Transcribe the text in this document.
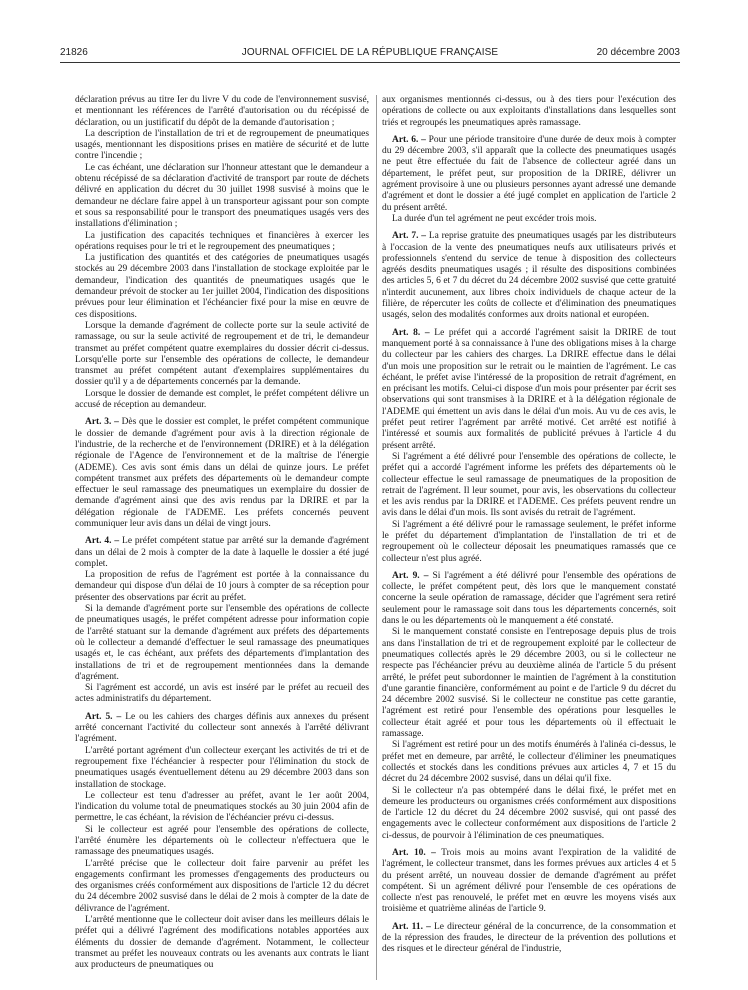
21826	JOURNAL OFFICIEL DE LA RÉPUBLIQUE FRANÇAISE	20 décembre 2003

déclaration prévus au titre Ier du livre V du code de l'environnement susvisé, et mentionnant les références de l'arrêté d'autorisation ou du récépissé de déclaration, ou un justificatif du dépôt de la demande d'autorisation ;

La description de l'installation de tri et de regroupement de pneumatiques usagés, mentionnant les dispositions prises en matière de sécurité et de lutte contre l'incendie ;

Le cas échéant, une déclaration sur l'honneur attestant que le demandeur a obtenu récépissé de sa déclaration d'activité de transport par route de déchets délivré en application du décret du 30 juillet 1998 susvisé à moins que le demandeur ne déclare faire appel à un transporteur agissant pour son compte et sous sa responsabilité pour le transport des pneumatiques usagés vers des installations d'élimination ;

La justification des capacités techniques et financières à exercer les opérations requises pour le tri et le regroupement des pneumatiques ;

La justification des quantités et des catégories de pneumatiques usagés stockés au 29 décembre 2003 dans l'installation de stockage exploitée par le demandeur, l'indication des quantités de pneumatiques usagés que le demandeur prévoit de stocker au 1er juillet 2004, l'indication des dispositions prévues pour leur élimination et l'échéancier fixé pour la mise en œuvre de ces dispositions.

Lorsque la demande d'agrément de collecte porte sur la seule activité de ramassage, ou sur la seule activité de regroupement et de tri, le demandeur transmet au préfet compétent quatre exemplaires du dossier décrit ci-dessus. Lorsqu'elle porte sur l'ensemble des opérations de collecte, le demandeur transmet au préfet compétent autant d'exemplaires supplémentaires du dossier qu'il y a de départements concernés par la demande.

Lorsque le dossier de demande est complet, le préfet compétent délivre un accusé de réception au demandeur.

Art. 3. – Dès que le dossier est complet, le préfet compétent communique le dossier de demande d'agrément pour avis à la direction régionale de l'industrie, de la recherche et de l'environnement (DRIRE) et à la délégation régionale de l'Agence de l'environnement et de la maîtrise de l'énergie (ADEME). Ces avis sont émis dans un délai de quinze jours. Le préfet compétent transmet aux préfets des départements où le demandeur compte effectuer le seul ramassage des pneumatiques un exemplaire du dossier de demande d'agrément ainsi que des avis rendus par la DRIRE et par la délégation régionale de l'ADEME. Les préfets concernés peuvent communiquer leur avis dans un délai de vingt jours.

Art. 4. – Le préfet compétent statue par arrêté sur la demande d'agrément dans un délai de 2 mois à compter de la date à laquelle le dossier a été jugé complet.

La proposition de refus de l'agrément est portée à la connaissance du demandeur qui dispose d'un délai de 10 jours à compter de sa réception pour présenter des observations par écrit au préfet.

Si la demande d'agrément porte sur l'ensemble des opérations de collecte de pneumatiques usagés, le préfet compétent adresse pour information copie de l'arrêté statuant sur la demande d'agrément aux préfets des départements où le collecteur a demandé d'effectuer le seul ramassage des pneumatiques usagés et, le cas échéant, aux préfets des départements d'implantation des installations de tri et de regroupement mentionnées dans la demande d'agrément.

Si l'agrément est accordé, un avis est inséré par le préfet au recueil des actes administratifs du département.

Art. 5. – Le ou les cahiers des charges définis aux annexes du présent arrêté concernant l'activité du collecteur sont annexés à l'arrêté délivrant l'agrément.

L'arrêté portant agrément d'un collecteur exerçant les activités de tri et de regroupement fixe l'échéancier à respecter pour l'élimination du stock de pneumatiques usagés éventuellement détenu au 29 décembre 2003 dans son installation de stockage.

Le collecteur est tenu d'adresser au préfet, avant le 1er août 2004, l'indication du volume total de pneumatiques stockés au 30 juin 2004 afin de permettre, le cas échéant, la révision de l'échéancier prévu ci-dessus.

Si le collecteur est agréé pour l'ensemble des opérations de collecte, l'arrêté énumère les départements où le collecteur n'effectuera que le ramassage des pneumatiques usagés.

L'arrêté précise que le collecteur doit faire parvenir au préfet les engagements confirmant les promesses d'engagements des producteurs ou des organismes créés conformément aux dispositions de l'article 12 du décret du 24 décembre 2002 susvisé dans le délai de 2 mois à compter de la date de délivrance de l'agrément.

L'arrêté mentionne que le collecteur doit aviser dans les meilleurs délais le préfet qui a délivré l'agrément des modifications notables apportées aux éléments du dossier de demande d'agrément. Notamment, le collecteur transmet au préfet les nouveaux contrats ou les avenants aux contrats le liant aux producteurs de pneumatiques ou

aux organismes mentionnés ci-dessus, ou à des tiers pour l'exécution des opérations de collecte ou aux exploitants d'installations dans lesquelles sont triés et regroupés les pneumatiques après ramassage.

Art. 6. – Pour une période transitoire d'une durée de deux mois à compter du 29 décembre 2003, s'il apparaît que la collecte des pneumatiques usagés ne peut être effectuée du fait de l'absence de collecteur agréé dans un département, le préfet peut, sur proposition de la DRIRE, délivrer un agrément provisoire à une ou plusieurs personnes ayant adressé une demande d'agrément et dont le dossier a été jugé complet en application de l'article 2 du présent arrêté.

La durée d'un tel agrément ne peut excéder trois mois.

Art. 7. – La reprise gratuite des pneumatiques usagés par les distributeurs à l'occasion de la vente des pneumatiques neufs aux utilisateurs privés et professionnels s'entend du service de tenue à disposition des collecteurs agréés desdits pneumatiques usagés ; il résulte des dispositions combinées des articles 5, 6 et 7 du décret du 24 décembre 2002 susvisé que cette gratuité n'interdit aucunement, aux libres choix individuels de chaque acteur de la filière, de répercuter les coûts de collecte et d'élimination des pneumatiques usagés, selon des modalités conformes aux droits national et européen.

Art. 8. – Le préfet qui a accordé l'agrément saisit la DRIRE de tout manquement porté à sa connaissance à l'une des obligations mises à la charge du collecteur par les cahiers des charges. La DRIRE effectue dans le délai d'un mois une proposition sur le retrait ou le maintien de l'agrément. Le cas échéant, le préfet avise l'intéressé de la proposition de retrait d'agrément, en en précisant les motifs. Celui-ci dispose d'un mois pour présenter par écrit ses observations qui sont transmises à la DRIRE et à la délégation régionale de l'ADEME qui émettent un avis dans le délai d'un mois. Au vu de ces avis, le préfet peut retirer l'agrément par arrêté motivé. Cet arrêté est notifié à l'intéressé et soumis aux formalités de publicité prévues à l'article 4 du présent arrêté.

Si l'agrément a été délivré pour l'ensemble des opérations de collecte, le préfet qui a accordé l'agrément informe les préfets des départements où le collecteur effectue le seul ramassage de pneumatiques de la proposition de retrait de l'agrément. Il leur soumet, pour avis, les observations du collecteur et les avis rendus par la DRIRE et l'ADEME. Ces préfets peuvent rendre un avis dans le délai d'un mois. Ils sont avisés du retrait de l'agrément.

Si l'agrément a été délivré pour le ramassage seulement, le préfet informe le préfet du département d'implantation de l'installation de tri et de regroupement où le collecteur déposait les pneumatiques ramassés que ce collecteur n'est plus agréé.

Art. 9. – Si l'agrément a été délivré pour l'ensemble des opérations de collecte, le préfet compétent peut, dès lors que le manquement constaté concerne la seule opération de ramassage, décider que l'agrément sera retiré seulement pour le ramassage soit dans tous les départements concernés, soit dans le ou les départements où le manquement a été constaté.

Si le manquement constaté consiste en l'entreposage depuis plus de trois ans dans l'installation de tri et de regroupement exploité par le collecteur de pneumatiques collectés après le 29 décembre 2003, ou si le collecteur ne respecte pas l'échéancier prévu au deuxième alinéa de l'article 5 du présent arrêté, le préfet peut subordonner le maintien de l'agrément à la constitution d'une garantie financière, conformément au point e de l'article 9 du décret du 24 décembre 2002 susvisé. Si le collecteur ne constitue pas cette garantie, l'agrément est retiré pour l'ensemble des opérations pour lesquelles le collecteur était agréé et pour tous les départements où il effectuait le ramassage.

Si l'agrément est retiré pour un des motifs énumérés à l'alinéa ci-dessus, le préfet met en demeure, par arrêté, le collecteur d'éliminer les pneumatiques collectés et stockés dans les conditions prévues aux articles 4, 7 et 15 du décret du 24 décembre 2002 susvisé, dans un délai qu'il fixe.

Si le collecteur n'a pas obtempéré dans le délai fixé, le préfet met en demeure les producteurs ou organismes créés conformément aux dispositions de l'article 12 du décret du 24 décembre 2002 susvisé, qui ont passé des engagements avec le collecteur conformément aux dispositions de l'article 2 ci-dessus, de pourvoir à l'élimination de ces pneumatiques.

Art. 10. – Trois mois au moins avant l'expiration de la validité de l'agrément, le collecteur transmet, dans les formes prévues aux articles 4 et 5 du présent arrêté, un nouveau dossier de demande d'agrément au préfet compétent. Si un agrément délivré pour l'ensemble de ces opérations de collecte n'est pas renouvelé, le préfet met en œuvre les moyens visés aux troisième et quatrième alinéas de l'article 9.

Art. 11. – Le directeur général de la concurrence, de la consommation et de la répression des fraudes, le directeur de la prévention des pollutions et des risques et le directeur général de l'industrie,
